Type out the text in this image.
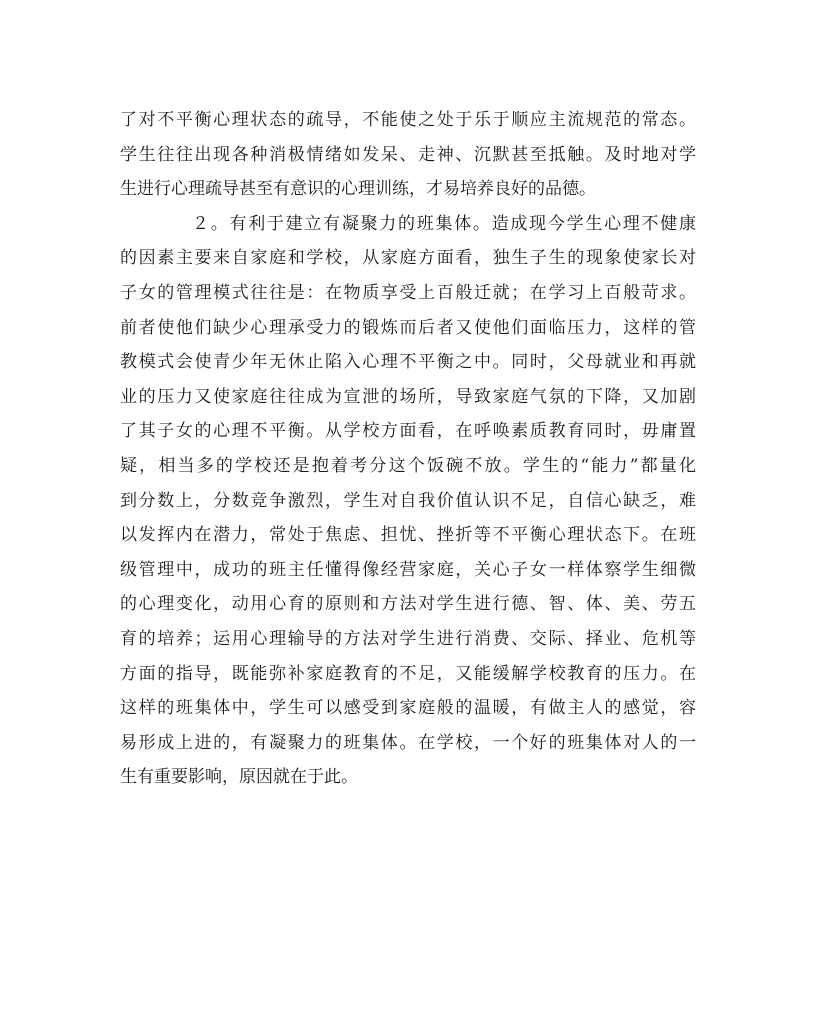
了对不平衡心理状态的疏导，不能使之处于乐于顺应主流规范的常态。
学生往往出现各种消极情绪如发呆、走神、沉默甚至抵触。及时地对学
生进行心理疏导甚至有意识的心理训练，才易培养良好的品德。
２。有利于建立有凝聚力的班集体。造成现今学生心理不健康
的因素主要来自家庭和学校，从家庭方面看，独生子生的现象使家长对
子女的管理模式往往是：在物质享受上百般迁就；在学习上百般苛求。
前者使他们缺少心理承受力的锻炼而后者又使他们面临压力，这样的管
教模式会使青少年无休止陷入心理不平衡之中。同时，父母就业和再就
业的压力又使家庭往往成为宣泄的场所，导致家庭气氛的下降，又加剧
了其子女的心理不平衡。从学校方面看，在呼唤素质教育同时，毋庸置
疑，相当多的学校还是抱着考分这个饭碗不放。学生的“能力”都量化
到分数上，分数竞争激烈，学生对自我价值认识不足，自信心缺乏，难
以发挥内在潜力，常处于焦虑、担忧、挫折等不平衡心理状态下。在班
级管理中，成功的班主任懂得像经营家庭，关心子女一样体察学生细微
的心理变化，动用心育的原则和方法对学生进行德、智、体、美、劳五
育的培养；运用心理输导的方法对学生进行消费、交际、择业、危机等
方面的指导，既能弥补家庭教育的不足，又能缓解学校教育的压力。在
这样的班集体中，学生可以感受到家庭般的温暖，有做主人的感觉，容
易形成上进的，有凝聚力的班集体。在学校，一个好的班集体对人的一
生有重要影响，原因就在于此。
